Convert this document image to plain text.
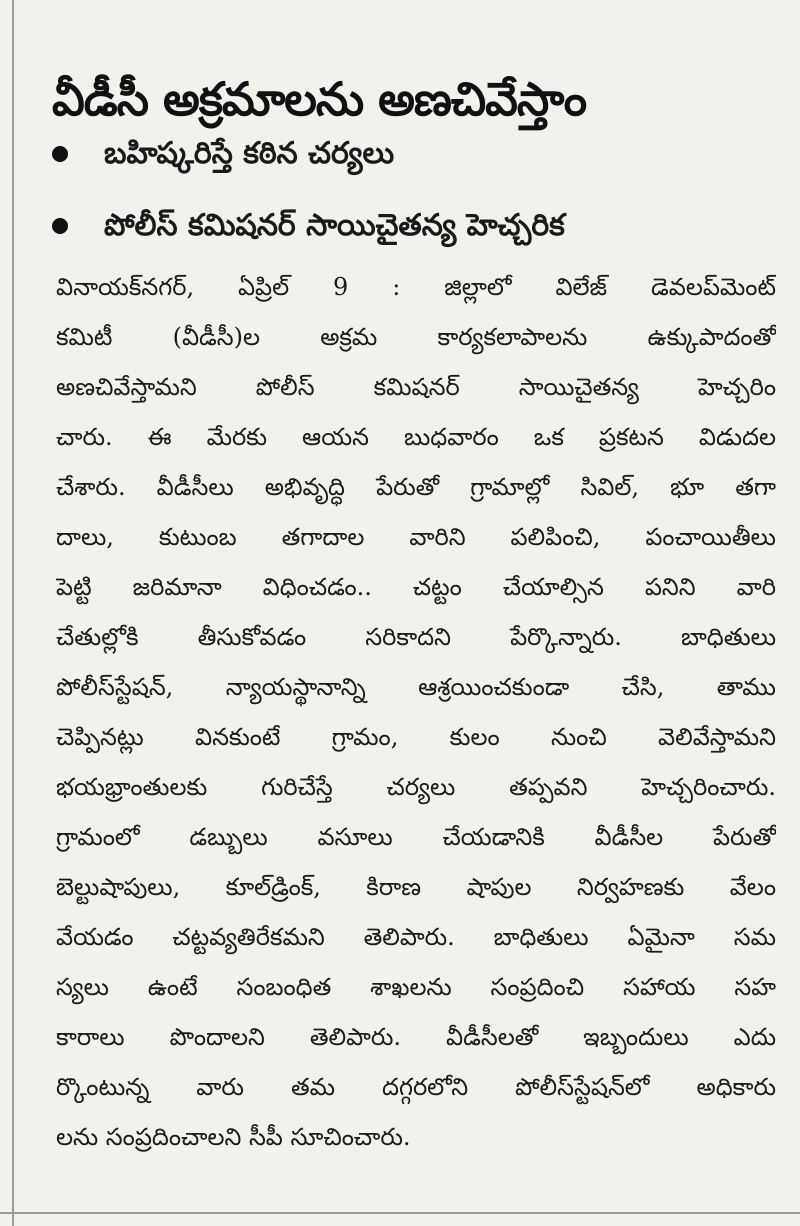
వీడీసీ అక్రమాలను అణచివేస్తాం
బహిష్కరిస్తే కఠిన చర్యలు
పోలీస్ కమిషనర్ సాయిచైతన్య హెచ్చరిక
వినాయక్‌నగర్, ఏప్రిల్ 9 : జిల్లాలో విలేజ్ డెవలప్‌మెంట్
కమిటీ (వీడీసీ)ల అక్రమ కార్యకలాపాలను ఉక్కుపాదంతో
అణచివేస్తామని పోలీస్ కమిషనర్ సాయిచైతన్య హెచ్చరిం
చారు. ఈ మేరకు ఆయన బుధవారం ఒక ప్రకటన విడుదల
చేశారు. వీడీసీలు అభివృద్ధి పేరుతో గ్రామాల్లో సివిల్, భూ తగా
దాలు, కుటుంబ తగాదాల వారిని పలిపించి, పంచాయితీలు
పెట్టి జరిమానా విధించడం.. చట్టం చేయాల్సిన పనిని వారి
చేతుల్లోకి తీసుకోవడం సరికాదని పేర్కొన్నారు. బాధితులు
పోలీస్‌స్టేషన్, న్యాయస్థానాన్ని ఆశ్రయించకుండా చేసి, తాము
చెప్పినట్లు వినకుంటే గ్రామం, కులం నుంచి వెలివేస్తామని
భయభ్రాంతులకు గురిచేస్తే చర్యలు తప్పవని హెచ్చరించారు.
గ్రామంలో డబ్బులు వసూలు చేయడానికి వీడీసీల పేరుతో
బెల్టుషాపులు, కూల్‌డ్రింక్, కిరాణ షాపుల నిర్వహణకు వేలం
వేయడం చట్టవ్యతిరేకమని తెలిపారు. బాధితులు ఏమైనా సమ
స్యలు ఉంటే సంబంధిత శాఖలను సంప్రదించి సహాయ సహ
కారాలు పొందాలని తెలిపారు. వీడీసీలతో ఇబ్బందులు ఎదు
ర్కొంటున్న వారు తమ దగ్గరలోని పోలీస్‌స్టేషన్‌లో అధికారు
లను సంప్రదించాలని సీపీ సూచించారు.
